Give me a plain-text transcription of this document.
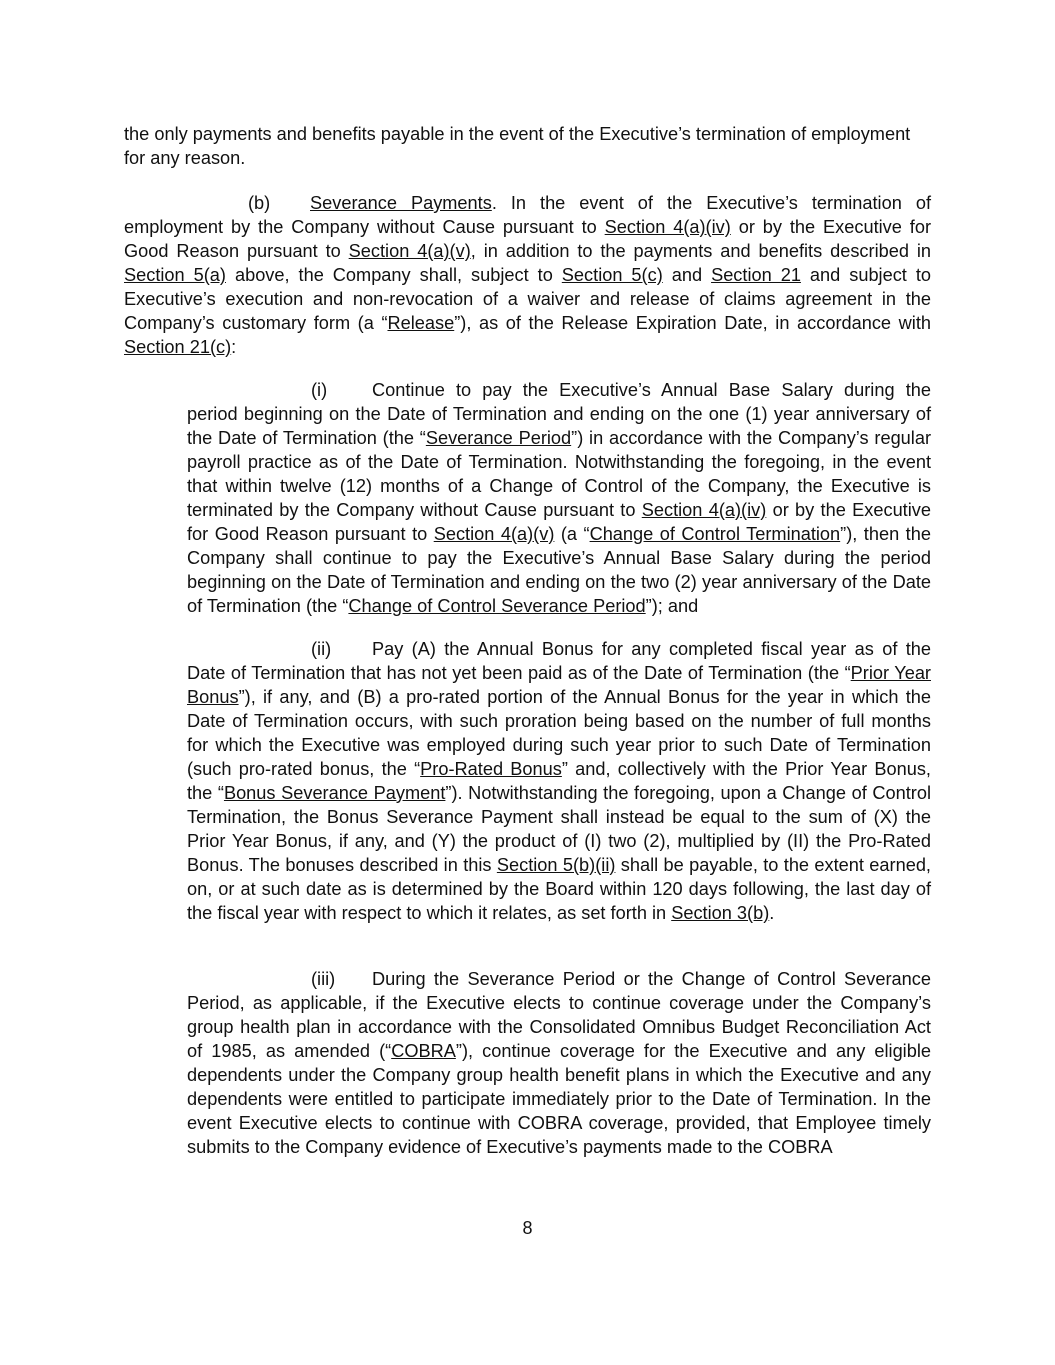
the only payments and benefits payable in the event of the Executive’s termination of employment for any reason.

(b) Severance Payments. In the event of the Executive’s termination of employment by the Company without Cause pursuant to Section 4(a)(iv) or by the Executive for Good Reason pursuant to Section 4(a)(v), in addition to the payments and benefits described in Section 5(a) above, the Company shall, subject to Section 5(c) and Section 21 and subject to Executive’s execution and non-revocation of a waiver and release of claims agreement in the Company’s customary form (a “Release”), as of the Release Expiration Date, in accordance with Section 21(c):

(i) Continue to pay the Executive’s Annual Base Salary during the period beginning on the Date of Termination and ending on the one (1) year anniversary of the Date of Termination (the “Severance Period”) in accordance with the Company’s regular payroll practice as of the Date of Termination. Notwithstanding the foregoing, in the event that within twelve (12) months of a Change of Control of the Company, the Executive is terminated by the Company without Cause pursuant to Section 4(a)(iv) or by the Executive for Good Reason pursuant to Section 4(a)(v) (a “Change of Control Termination”), then the Company shall continue to pay the Executive’s Annual Base Salary during the period beginning on the Date of Termination and ending on the two (2) year anniversary of the Date of Termination (the “Change of Control Severance Period”); and

(ii) Pay (A) the Annual Bonus for any completed fiscal year as of the Date of Termination that has not yet been paid as of the Date of Termination (the “Prior Year Bonus”), if any, and (B) a pro-rated portion of the Annual Bonus for the year in which the Date of Termination occurs, with such proration being based on the number of full months for which the Executive was employed during such year prior to such Date of Termination (such pro-rated bonus, the “Pro-Rated Bonus” and, collectively with the Prior Year Bonus, the “Bonus Severance Payment”). Notwithstanding the foregoing, upon a Change of Control Termination, the Bonus Severance Payment shall instead be equal to the sum of (X) the Prior Year Bonus, if any, and (Y) the product of (I) two (2), multiplied by (II) the Pro-Rated Bonus. The bonuses described in this Section 5(b)(ii) shall be payable, to the extent earned, on, or at such date as is determined by the Board within 120 days following, the last day of the fiscal year with respect to which it relates, as set forth in Section 3(b).

(iii) During the Severance Period or the Change of Control Severance Period, as applicable, if the Executive elects to continue coverage under the Company’s group health plan in accordance with the Consolidated Omnibus Budget Reconciliation Act of 1985, as amended (“COBRA”), continue coverage for the Executive and any eligible dependents under the Company group health benefit plans in which the Executive and any dependents were entitled to participate immediately prior to the Date of Termination. In the event Executive elects to continue with COBRA coverage, provided, that Employee timely submits to the Company evidence of Executive’s payments made to the COBRA

8
